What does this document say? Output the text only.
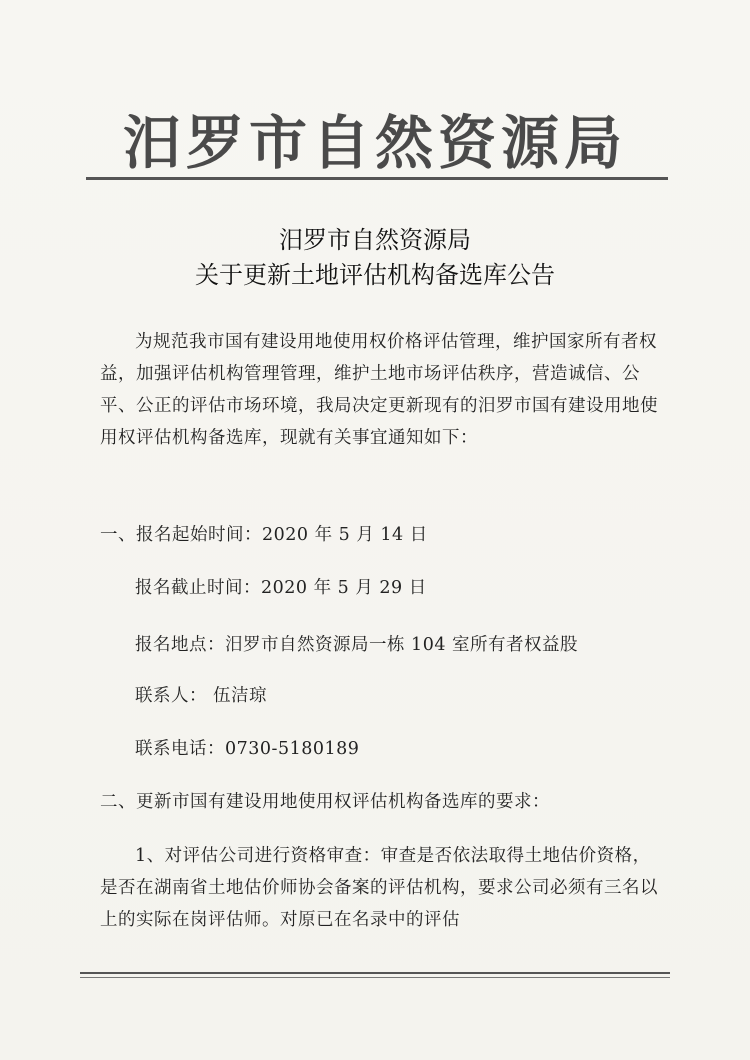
汨罗市自然资源局
汨罗市自然资源局
关于更新土地评估机构备选库公告

为规范我市国有建设用地使用权价格评估管理，维护国家所有者权益，加强评估机构管理管理，维护土地市场评估秩序，营造诚信、公平、公正的评估市场环境，我局决定更新现有的汨罗市国有建设用地使用权评估机构备选库，现就有关事宜通知如下：

一、报名起始时间：2020 年 5 月 14 日
报名截止时间：2020 年 5 月 29 日
报名地点：汨罗市自然资源局一栋 104 室所有者权益股
联系人： 伍洁琼
联系电话：0730-5180189
二、更新市国有建设用地使用权评估机构备选库的要求：

1、对评估公司进行资格审查：审查是否依法取得土地估价资格，是否在湖南省土地估价师协会备案的评估机构，要求公司必须有三名以上的实际在岗评估师。对原已在名录中的评估
